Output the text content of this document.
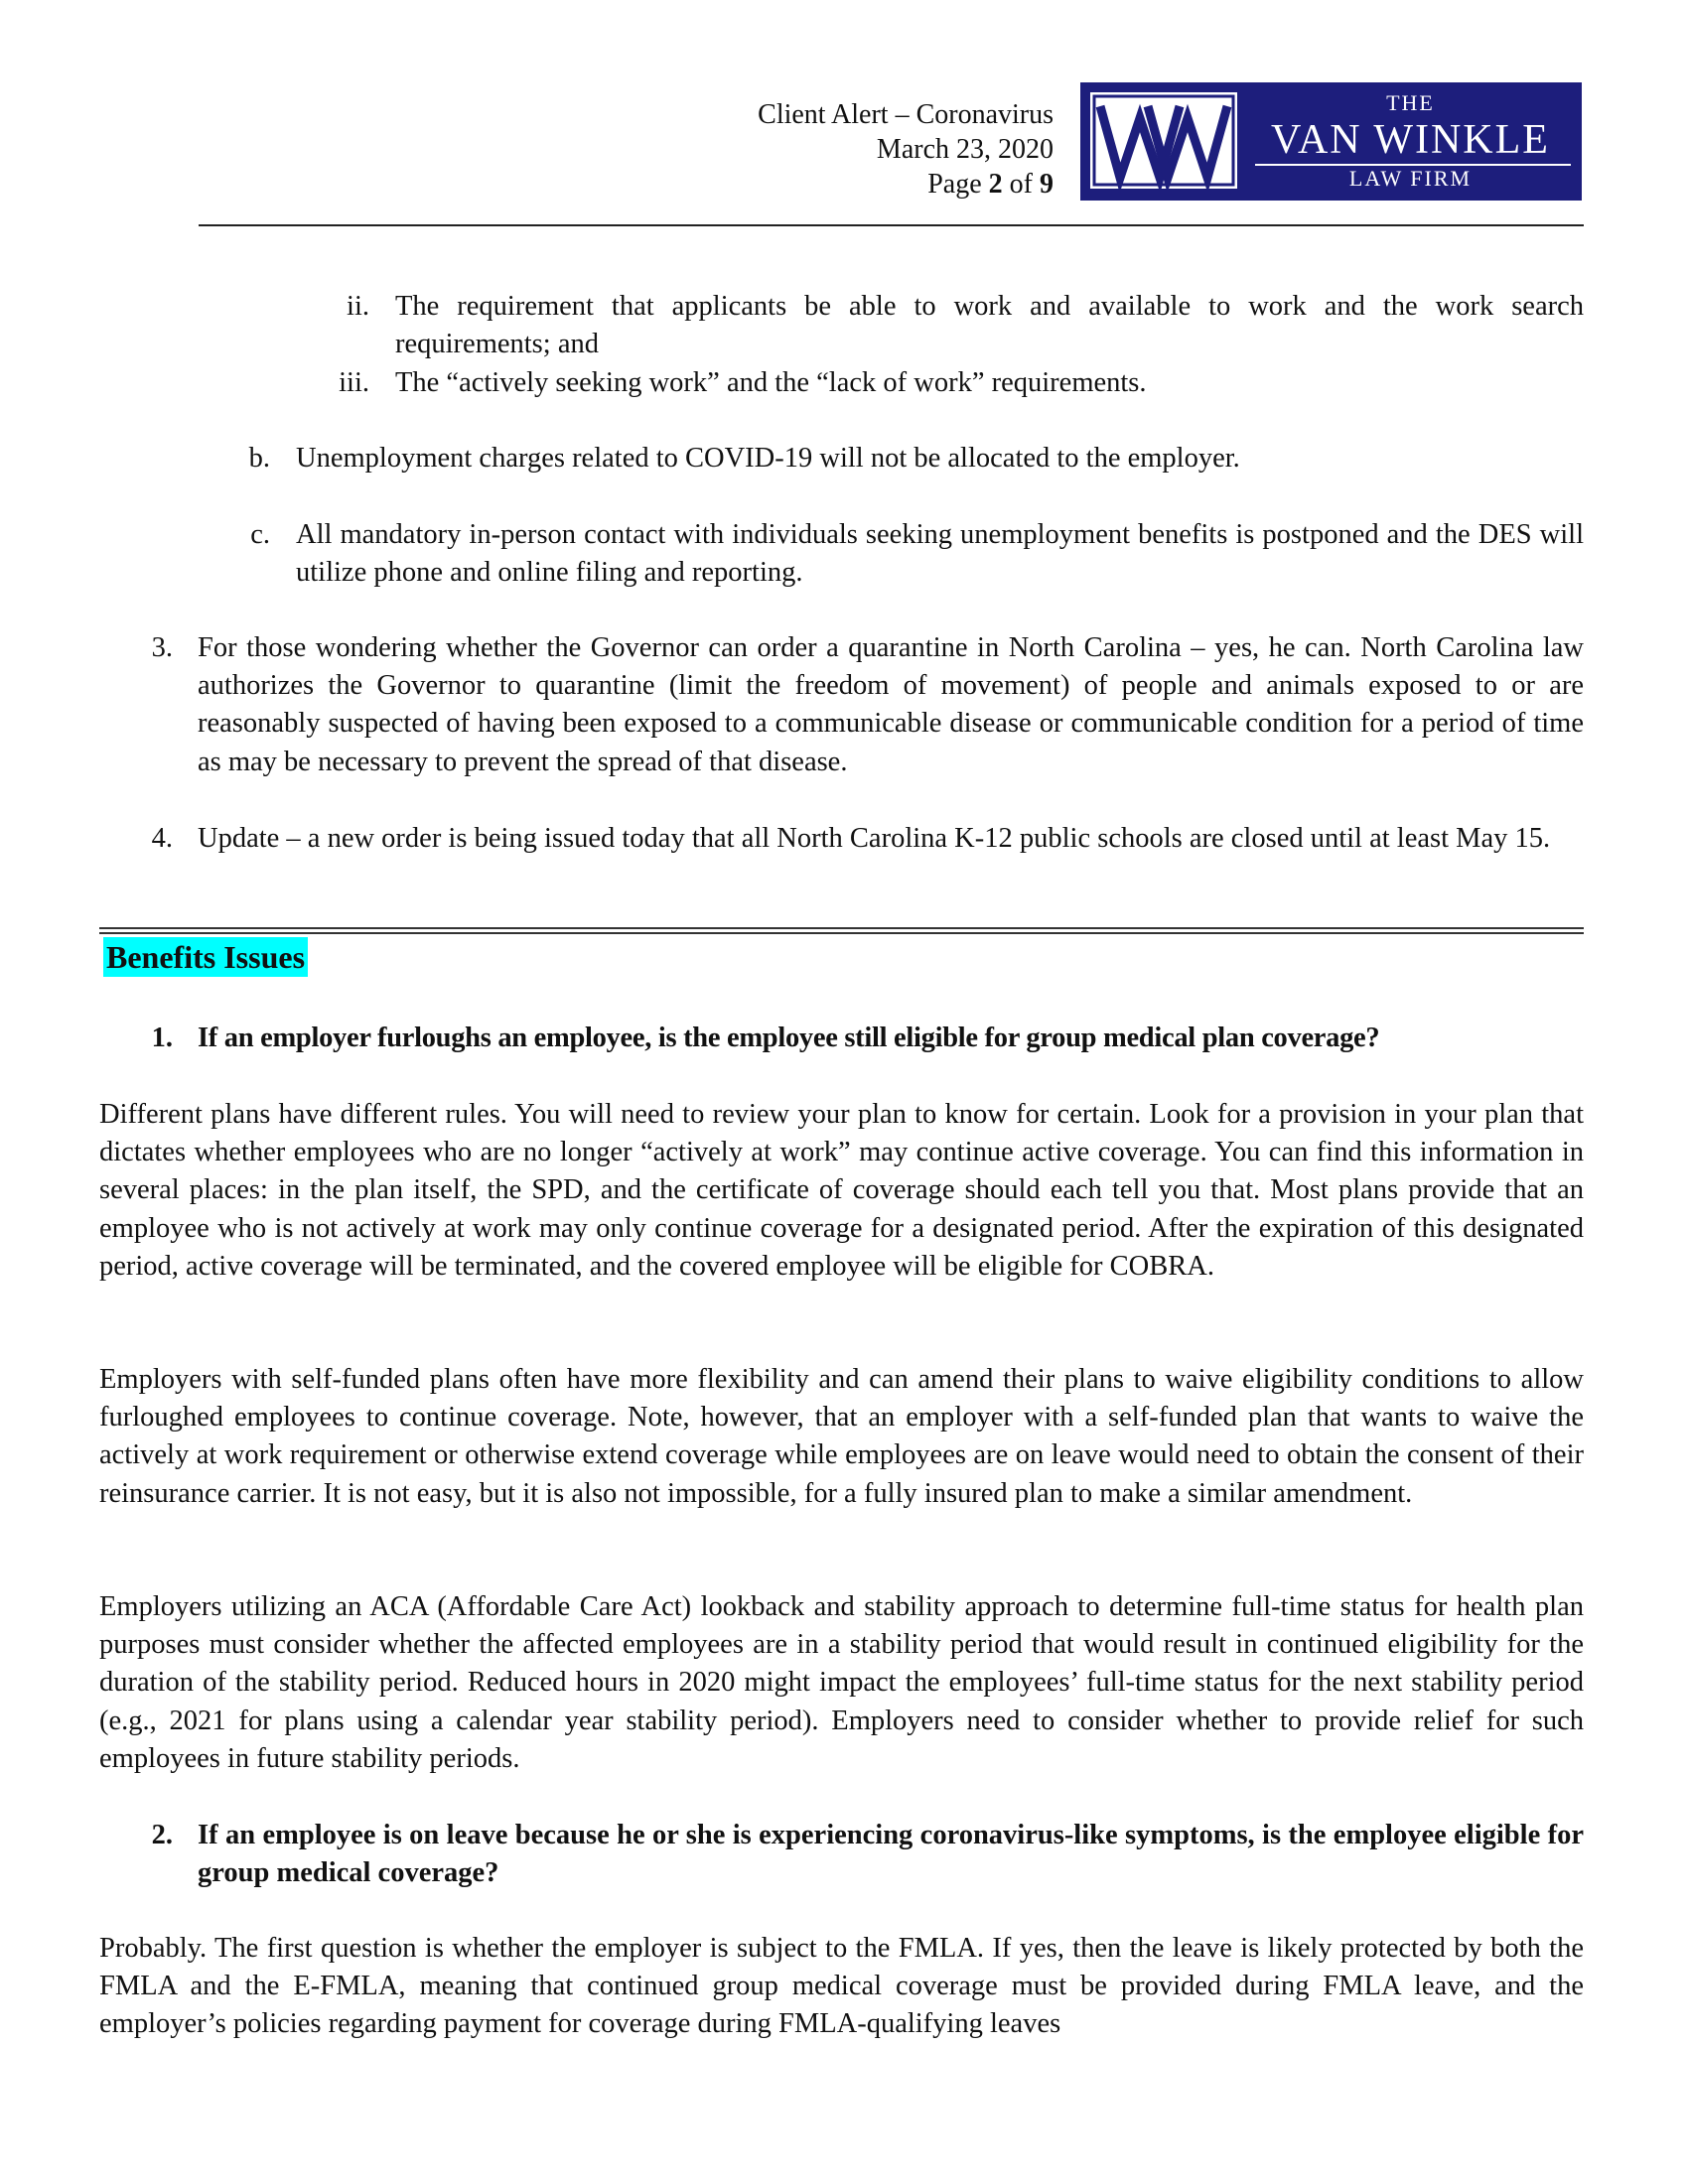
Client Alert – Coronavirus
March 23, 2020
Page 2 of 9
THE
VAN WINKLE
LAW FIRM
ii. The requirement that applicants be able to work and available to work and the work search requirements; and
iii. The “actively seeking work” and the “lack of work” requirements.
b. Unemployment charges related to COVID-19 will not be allocated to the employer.
c. All mandatory in-person contact with individuals seeking unemployment benefits is postponed and the DES will utilize phone and online filing and reporting.
3. For those wondering whether the Governor can order a quarantine in North Carolina – yes, he can. North Carolina law authorizes the Governor to quarantine (limit the freedom of movement) of people and animals exposed to or are reasonably suspected of having been exposed to a communicable disease or communicable condition for a period of time as may be necessary to prevent the spread of that disease.
4. Update – a new order is being issued today that all North Carolina K-12 public schools are closed until at least May 15.
Benefits Issues
1. If an employer furloughs an employee, is the employee still eligible for group medical plan coverage?

Different plans have different rules. You will need to review your plan to know for certain. Look for a provision in your plan that dictates whether employees who are no longer “actively at work” may continue active coverage. You can find this information in several places: in the plan itself, the SPD, and the certificate of coverage should each tell you that. Most plans provide that an employee who is not actively at work may only continue coverage for a designated period. After the expiration of this designated period, active coverage will be terminated, and the covered employee will be eligible for COBRA.

Employers with self-funded plans often have more flexibility and can amend their plans to waive eligibility conditions to allow furloughed employees to continue coverage. Note, however, that an employer with a self-funded plan that wants to waive the actively at work requirement or otherwise extend coverage while employees are on leave would need to obtain the consent of their reinsurance carrier. It is not easy, but it is also not impossible, for a fully insured plan to make a similar amendment.

Employers utilizing an ACA (Affordable Care Act) lookback and stability approach to determine full-time status for health plan purposes must consider whether the affected employees are in a stability period that would result in continued eligibility for the duration of the stability period. Reduced hours in 2020 might impact the employees’ full-time status for the next stability period (e.g., 2021 for plans using a calendar year stability period). Employers need to consider whether to provide relief for such employees in future stability periods.

2. If an employee is on leave because he or she is experiencing coronavirus-like symptoms, is the employee eligible for group medical coverage?

Probably. The first question is whether the employer is subject to the FMLA. If yes, then the leave is likely protected by both the FMLA and the E-FMLA, meaning that continued group medical coverage must be provided during FMLA leave, and the employer’s policies regarding payment for coverage during FMLA-qualifying leaves
